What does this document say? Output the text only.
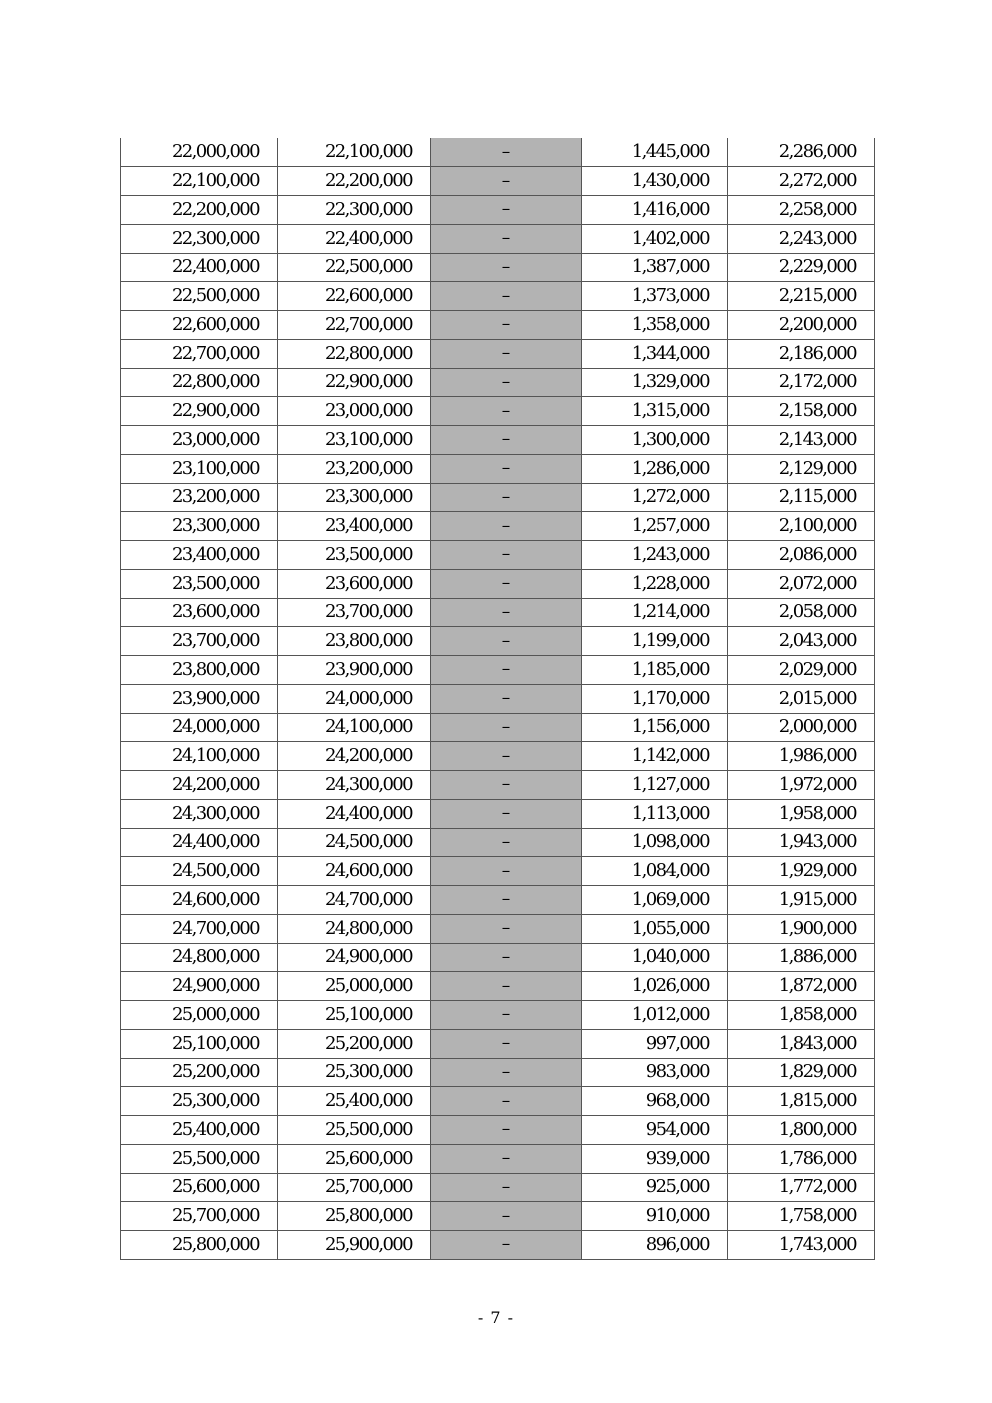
22,000,000	22,100,000	–	1,445,000	2,286,000
22,100,000	22,200,000	–	1,430,000	2,272,000
22,200,000	22,300,000	–	1,416,000	2,258,000
22,300,000	22,400,000	–	1,402,000	2,243,000
22,400,000	22,500,000	–	1,387,000	2,229,000
22,500,000	22,600,000	–	1,373,000	2,215,000
22,600,000	22,700,000	–	1,358,000	2,200,000
22,700,000	22,800,000	–	1,344,000	2,186,000
22,800,000	22,900,000	–	1,329,000	2,172,000
22,900,000	23,000,000	–	1,315,000	2,158,000
23,000,000	23,100,000	–	1,300,000	2,143,000
23,100,000	23,200,000	–	1,286,000	2,129,000
23,200,000	23,300,000	–	1,272,000	2,115,000
23,300,000	23,400,000	–	1,257,000	2,100,000
23,400,000	23,500,000	–	1,243,000	2,086,000
23,500,000	23,600,000	–	1,228,000	2,072,000
23,600,000	23,700,000	–	1,214,000	2,058,000
23,700,000	23,800,000	–	1,199,000	2,043,000
23,800,000	23,900,000	–	1,185,000	2,029,000
23,900,000	24,000,000	–	1,170,000	2,015,000
24,000,000	24,100,000	–	1,156,000	2,000,000
24,100,000	24,200,000	–	1,142,000	1,986,000
24,200,000	24,300,000	–	1,127,000	1,972,000
24,300,000	24,400,000	–	1,113,000	1,958,000
24,400,000	24,500,000	–	1,098,000	1,943,000
24,500,000	24,600,000	–	1,084,000	1,929,000
24,600,000	24,700,000	–	1,069,000	1,915,000
24,700,000	24,800,000	–	1,055,000	1,900,000
24,800,000	24,900,000	–	1,040,000	1,886,000
24,900,000	25,000,000	–	1,026,000	1,872,000
25,000,000	25,100,000	–	1,012,000	1,858,000
25,100,000	25,200,000	–	997,000	1,843,000
25,200,000	25,300,000	–	983,000	1,829,000
25,300,000	25,400,000	–	968,000	1,815,000
25,400,000	25,500,000	–	954,000	1,800,000
25,500,000	25,600,000	–	939,000	1,786,000
25,600,000	25,700,000	–	925,000	1,772,000
25,700,000	25,800,000	–	910,000	1,758,000
25,800,000	25,900,000	–	896,000	1,743,000
- 7 -
